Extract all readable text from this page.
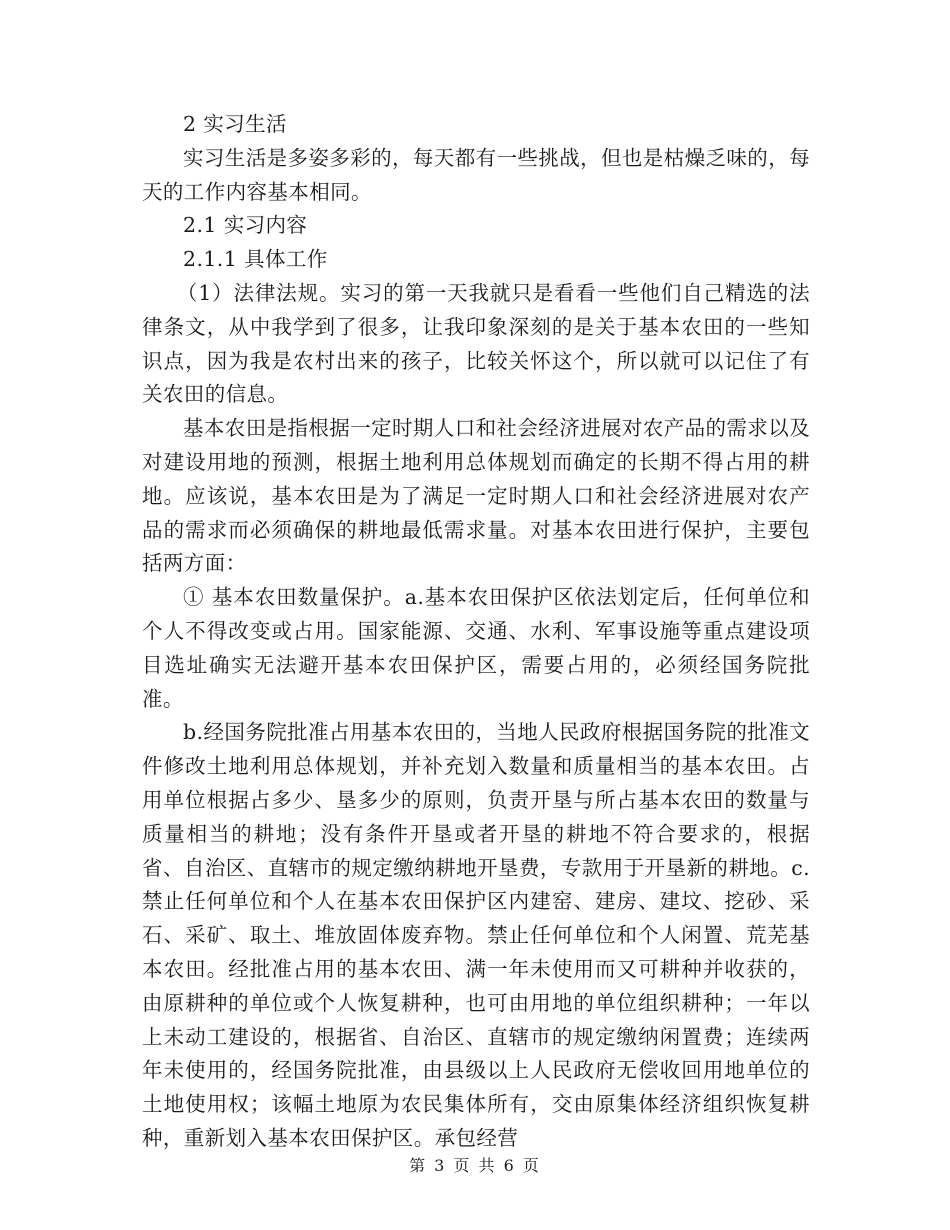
2 实习生活

实习生活是多姿多彩的，每天都有一些挑战，但也是枯燥乏味的，每天的工作内容基本相同。

2.1 实习内容

2.1.1 具体工作

（1）法律法规。实习的第一天我就只是看看一些他们自己精选的法律条文，从中我学到了很多，让我印象深刻的是关于基本农田的一些知识点，因为我是农村出来的孩子，比较关怀这个，所以就可以记住了有关农田的信息。

基本农田是指根据一定时期人口和社会经济进展对农产品的需求以及对建设用地的预测，根据土地利用总体规划而确定的长期不得占用的耕地。应该说，基本农田是为了满足一定时期人口和社会经济进展对农产品的需求而必须确保的耕地最低需求量。对基本农田进行保护，主要包括两方面：

① 基本农田数量保护。a.基本农田保护区依法划定后，任何单位和个人不得改变或占用。国家能源、交通、水利、军事设施等重点建设项目选址确实无法避开基本农田保护区，需要占用的，必须经国务院批准。

b.经国务院批准占用基本农田的，当地人民政府根据国务院的批准文件修改土地利用总体规划，并补充划入数量和质量相当的基本农田。占用单位根据占多少、垦多少的原则，负责开垦与所占基本农田的数量与质量相当的耕地；没有条件开垦或者开垦的耕地不符合要求的，根据省、自治区、直辖市的规定缴纳耕地开垦费，专款用于开垦新的耕地。c.禁止任何单位和个人在基本农田保护区内建窑、建房、建坟、挖砂、采石、采矿、取土、堆放固体废弃物。禁止任何单位和个人闲置、荒芜基本农田。经批准占用的基本农田、满一年未使用而又可耕种并收获的，由原耕种的单位或个人恢复耕种，也可由用地的单位组织耕种；一年以上未动工建设的，根据省、自治区、直辖市的规定缴纳闲置费；连续两年未使用的，经国务院批准，由县级以上人民政府无偿收回用地单位的土地使用权；该幅土地原为农民集体所有，交由原集体经济组织恢复耕种，重新划入基本农田保护区。承包经营

第 3 页 共 6 页
